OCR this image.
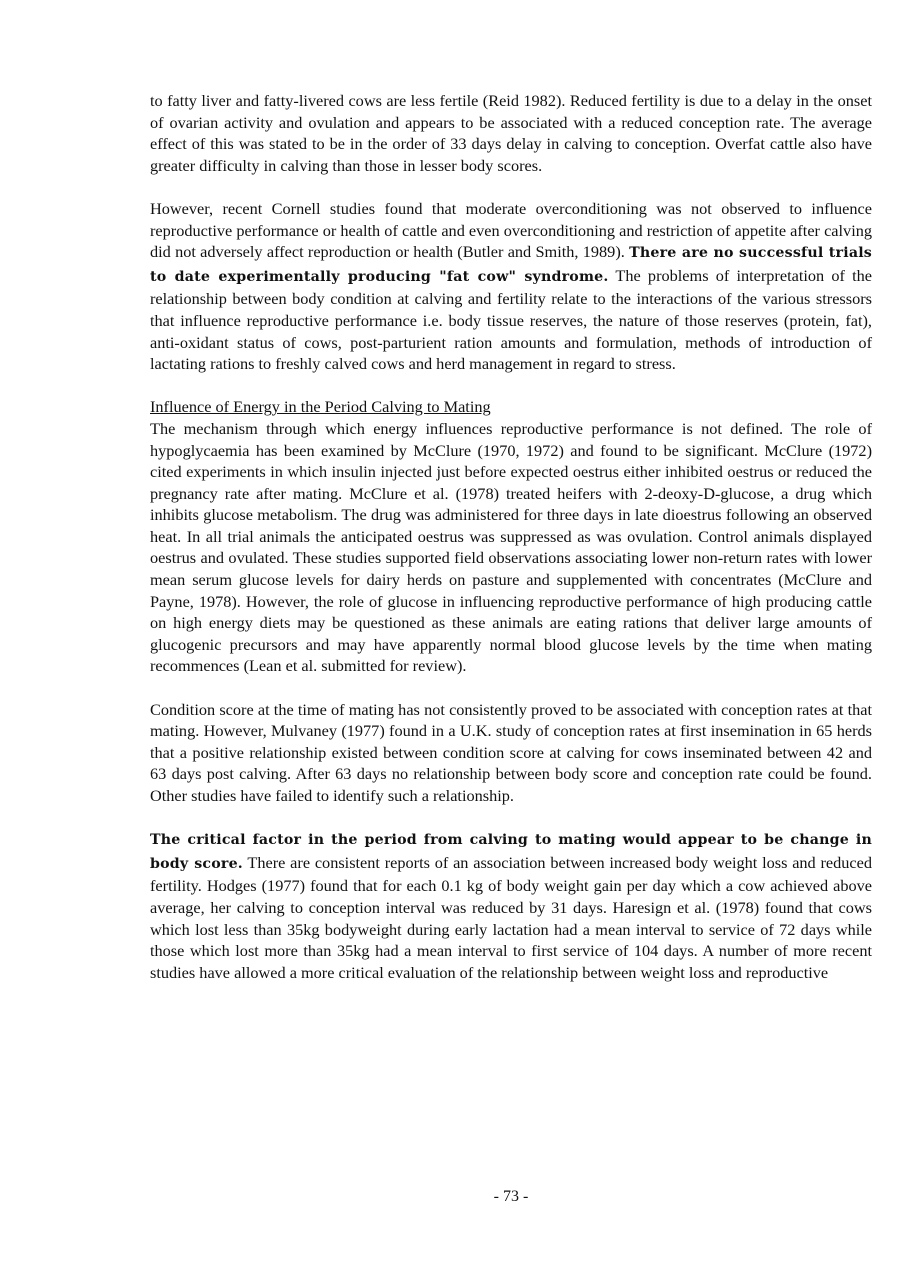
to fatty liver and fatty-livered cows are less fertile (Reid 1982). Reduced fertility is due to a delay in the onset of ovarian activity and ovulation and appears to be associated with a reduced conception rate. The average effect of this was stated to be in the order of 33 days delay in calving to conception. Overfat cattle also have greater difficulty in calving than those in lesser body scores.

However, recent Cornell studies found that moderate overconditioning was not observed to influence reproductive performance or health of cattle and even overconditioning and restriction of appetite after calving did not adversely affect reproduction or health (Butler and Smith, 1989). There are no successful trials to date experimentally producing "fat cow" syndrome. The problems of interpretation of the relationship between body condition at calving and fertility relate to the interactions of the various stressors that influence reproductive performance i.e. body tissue reserves, the nature of those reserves (protein, fat), anti-oxidant status of cows, post-parturient ration amounts and formulation, methods of introduction of lactating rations to freshly calved cows and herd management in regard to stress.

Influence of Energy in the Period Calving to Mating
The mechanism through which energy influences reproductive performance is not defined. The role of hypoglycaemia has been examined by McClure (1970, 1972) and found to be significant. McClure (1972) cited experiments in which insulin injected just before expected oestrus either inhibited oestrus or reduced the pregnancy rate after mating. McClure et al. (1978) treated heifers with 2-deoxy-D-glucose, a drug which inhibits glucose metabolism. The drug was administered for three days in late dioestrus following an observed heat. In all trial animals the anticipated oestrus was suppressed as was ovulation. Control animals displayed oestrus and ovulated. These studies supported field observations associating lower non-return rates with lower mean serum glucose levels for dairy herds on pasture and supplemented with concentrates (McClure and Payne, 1978). However, the role of glucose in influencing reproductive performance of high producing cattle on high energy diets may be questioned as these animals are eating rations that deliver large amounts of glucogenic precursors and may have apparently normal blood glucose levels by the time when mating recommences (Lean et al. submitted for review).

Condition score at the time of mating has not consistently proved to be associated with conception rates at that mating. However, Mulvaney (1977) found in a U.K. study of conception rates at first insemination in 65 herds that a positive relationship existed between condition score at calving for cows inseminated between 42 and 63 days post calving. After 63 days no relationship between body score and conception rate could be found. Other studies have failed to identify such a relationship.

The critical factor in the period from calving to mating would appear to be change in body score. There are consistent reports of an association between increased body weight loss and reduced fertility. Hodges (1977) found that for each 0.1 kg of body weight gain per day which a cow achieved above average, her calving to conception interval was reduced by 31 days. Haresign et al. (1978) found that cows which lost less than 35kg bodyweight during early lactation had a mean interval to service of 72 days while those which lost more than 35kg had a mean interval to first service of 104 days. A number of more recent studies have allowed a more critical evaluation of the relationship between weight loss and reproductive

- 73 -
